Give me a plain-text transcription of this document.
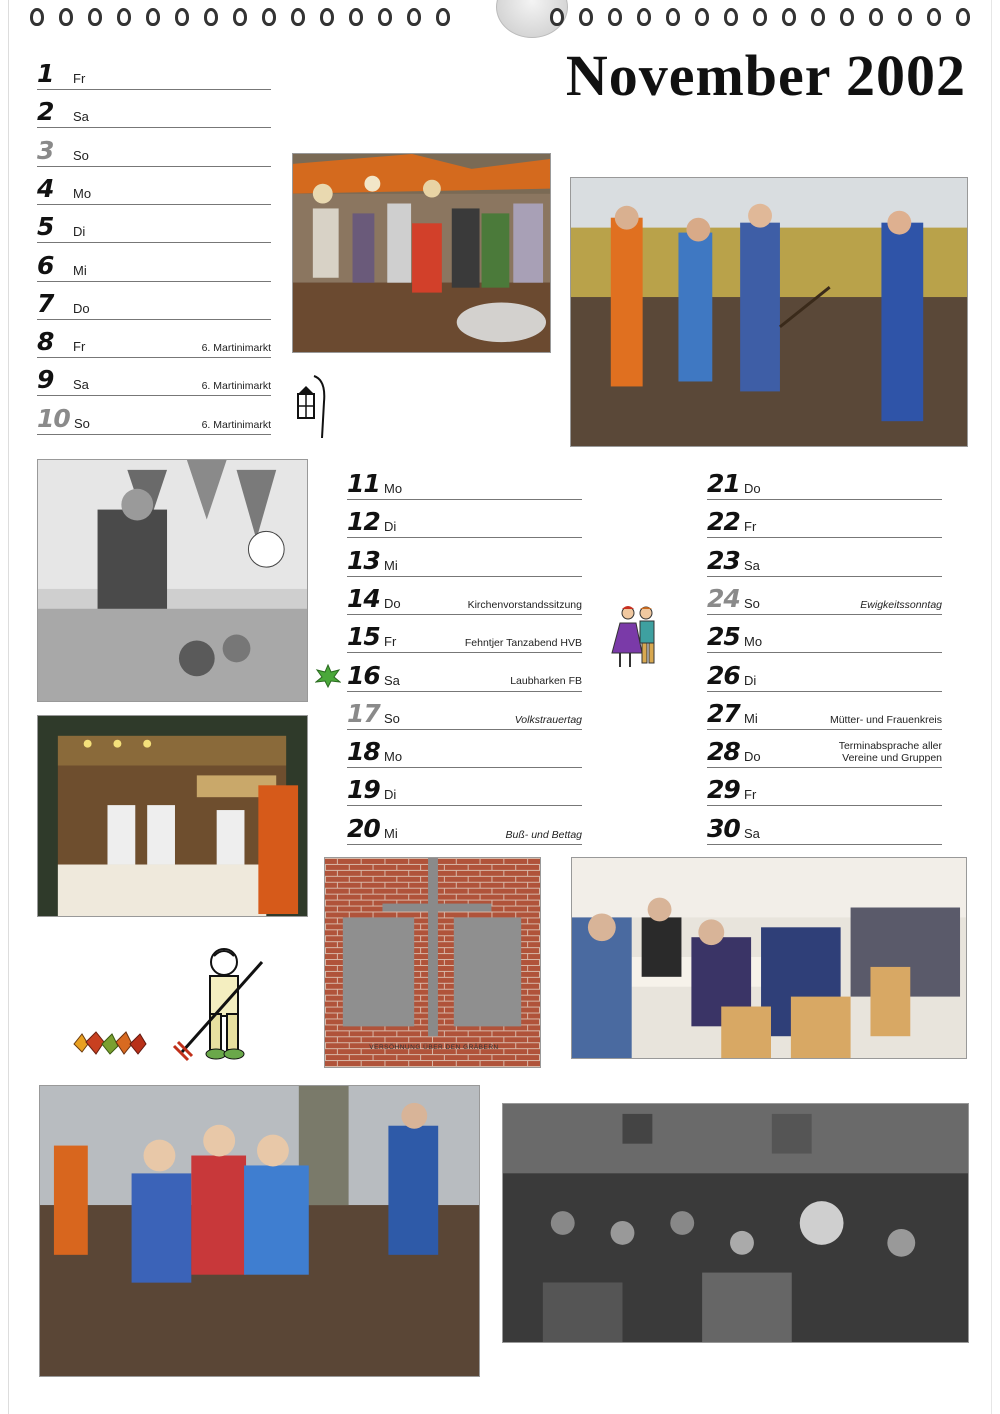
November 2002
1 Fr
2 Sa
3 So
4 Mo
5 Di
6 Mi
7 Do
8 Fr	6. Martinimarkt
9 Sa	6. Martinimarkt
10 So	6. Martinimarkt
11 Mo
12 Di
13 Mi
14 Do	Kirchenvorstandssitzung
15 Fr	Fehntjer Tanzabend HVB
16 Sa	Laubharken FB
17 So	Volkstrauertag
18 Mo
19 Di
20 Mi	Buß- und Bettag
21 Do
22 Fr
23 Sa
24 So	Ewigkeitssonntag
25 Mo
26 Di
27 Mi	Mütter- und Frauenkreis
28 Do
Terminabsprache aller
Vereine und Gruppen
29 Fr
30 Sa
VERSÖHNUNG ÜBER DEN GRÄBERN
